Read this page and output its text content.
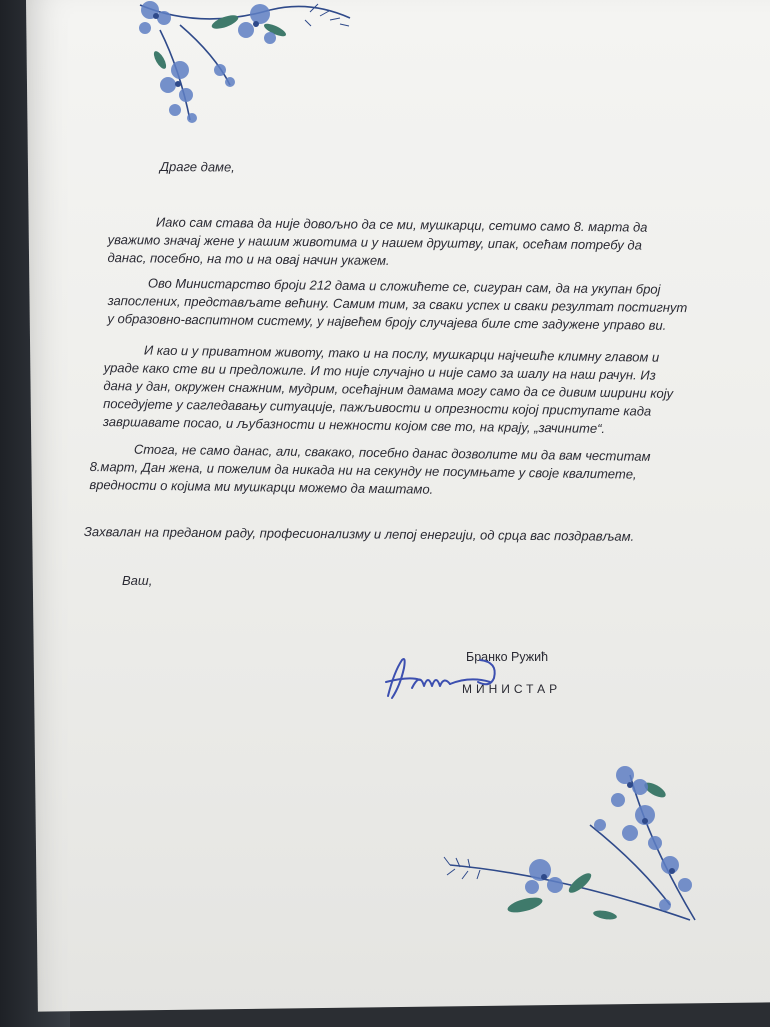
Драге даме,
Иако сам става да није довољно да се ми, мушкарци, сетимо само 8. марта да
уважимо значај жене у нашим животима и у нашем друштву, ипак, осећам потребу да
данас, посебно, на то и на овај начин укажем.
Ово Министарство броји 212 дама и сложићете се, сигуран сам, да на укупан број
запослених, представљате већину. Самим тим, за сваки успех и сваки резултат постигнут
у образовно-васпитном систему, у највећем броју случајева биле сте задужене управо ви.
И као и у приватном животу, тако и на послу, мушкарци најчешће климну главом и
ураде како сте ви и предложиле. И то није случајно и није само за шалу на наш рачун. Из
дана у дан, окружен снажним, мудрим, осећајним дамама могу само да се дивим ширини коју
поседујете у сагледавању ситуације, пажљивости и опрезности којој приступате када
завршавате посао, и љубазности и нежности којом све то, на крају, „зачините“.
Стога, не само данас, али, свакако, посебно данас дозволите ми да вам честитам
8.март, Дан жена, и пожелим да никада ни на секунду не посумњате у своје квалитете,
вредности о којима ми мушкарци можемо да маштамо.
Захвалан на преданом раду, професионализму и лепој енергији, од срца вас поздрављам.
Ваш,
Бранко Ружић
МИНИСТАР
